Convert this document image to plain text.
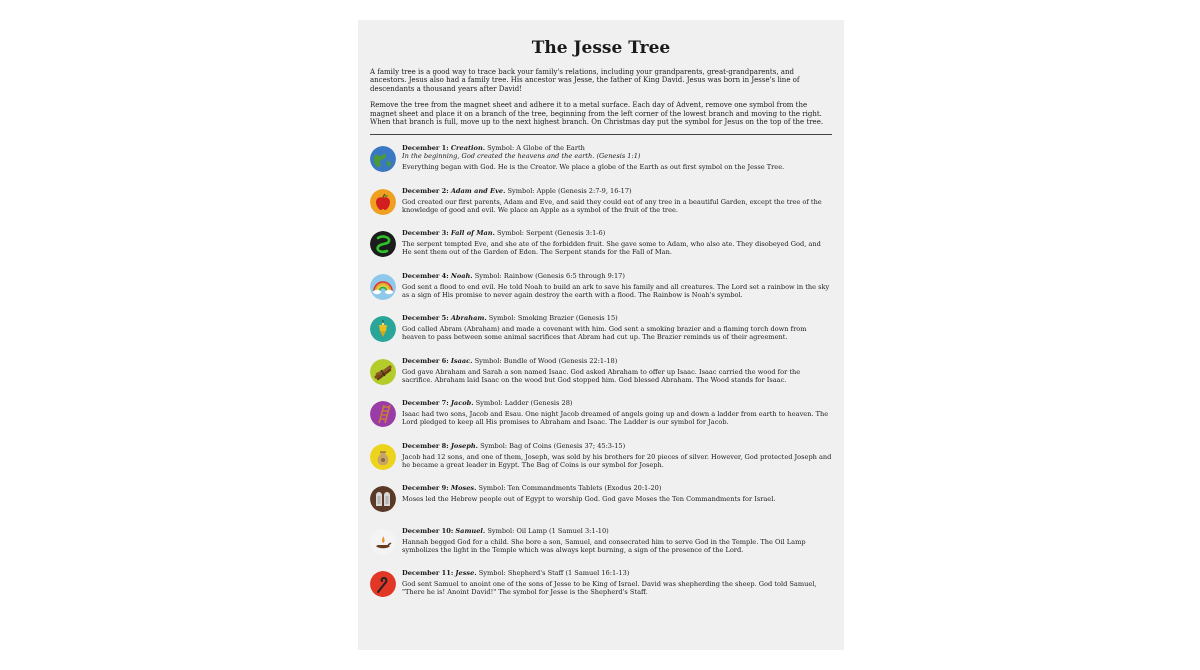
The Jesse Tree

A family tree is a good way to trace back your family's relations, including your grandparents, great-grandparents, and ancestors. Jesus also had a family tree. His ancestor was Jesse, the father of King David. Jesus was born in Jesse's line of descendants a thousand years after David!

Remove the tree from the magnet sheet and adhere it to a metal surface. Each day of Advent, remove one symbol from the magnet sheet and place it on a branch of the tree, beginning from the left corner of the lowest branch and moving to the right. When that branch is full, move up to the next highest branch. On Christmas day put the symbol for Jesus on the top of the tree.

December 1: Creation. Symbol: A Globe of the Earth

In the beginning, God created the heavens and the earth. (Genesis 1:1)

Everything began with God. He is the Creator. We place a globe of the Earth as out first symbol on the Jesse Tree.

December 2: Adam and Eve. Symbol: Apple (Genesis 2:7-9, 16-17)

God created our first parents, Adam and Eve, and said they could eat of any tree in a beautiful Garden, except the tree of the knowledge of good and evil. We place an Apple as a symbol of the fruit of the tree.

December 3: Fall of Man. Symbol: Serpent (Genesis 3:1-6)

The serpent tempted Eve, and she ate of the forbidden fruit. She gave some to Adam, who also ate. They disobeyed God, and He sent them out of the Garden of Eden. The Serpent stands for the Fall of Man.

December 4: Noah. Symbol: Rainbow (Genesis 6:5 through 9:17)

God sent a flood to end evil. He told Noah to build an ark to save his family and all creatures. The Lord set a rainbow in the sky as a sign of His promise to never again destroy the earth with a flood. The Rainbow is Noah's symbol.

December 5: Abraham. Symbol: Smoking Brazier (Genesis 15)

God called Abram (Abraham) and made a covenant with him. God sent a smoking brazier and a flaming torch down from heaven to pass between some animal sacrifices that Abram had cut up. The Brazier reminds us of their agreement.

December 6: Isaac. Symbol: Bundle of Wood (Genesis 22:1-18)

God gave Abraham and Sarah a son named Isaac. God asked Abraham to offer up Isaac. Isaac carried the wood for the sacrifice. Abraham laid Isaac on the wood but God stopped him. God blessed Abraham. The Wood stands for Isaac.

December 7: Jacob. Symbol: Ladder (Genesis 28)

Isaac had two sons, Jacob and Esau. One night Jacob dreamed of angels going up and down a ladder from earth to heaven. The Lord pledged to keep all His promises to Abraham and Isaac. The Ladder is our symbol for Jacob.

December 8: Joseph. Symbol: Bag of Coins (Genesis 37; 45:3-15)

Jacob had 12 sons, and one of them, Joseph, was sold by his brothers for 20 pieces of silver. However, God protected Joseph and he became a great leader in Egypt. The Bag of Coins is our symbol for Joseph.

December 9: Moses. Symbol: Ten Commandments Tablets (Exodus 20:1-20)

Moses led the Hebrew people out of Egypt to worship God. God gave Moses the Ten Commandments for Israel.

December 10: Samuel. Symbol: Oil Lamp (1 Samuel 3:1-10)

Hannah begged God for a child. She bore a son, Samuel, and consecrated him to serve God in the Temple. The Oil Lamp symbolizes the light in the Temple which was always kept burning, a sign of the presence of the Lord.

December 11: Jesse. Symbol: Shepherd's Staff (1 Samuel 16:1-13)

God sent Samuel to anoint one of the sons of Jesse to be King of Israel. David was shepherding the sheep. God told Samuel, "There he is! Anoint David!" The symbol for Jesse is the Shepherd's Staff.
